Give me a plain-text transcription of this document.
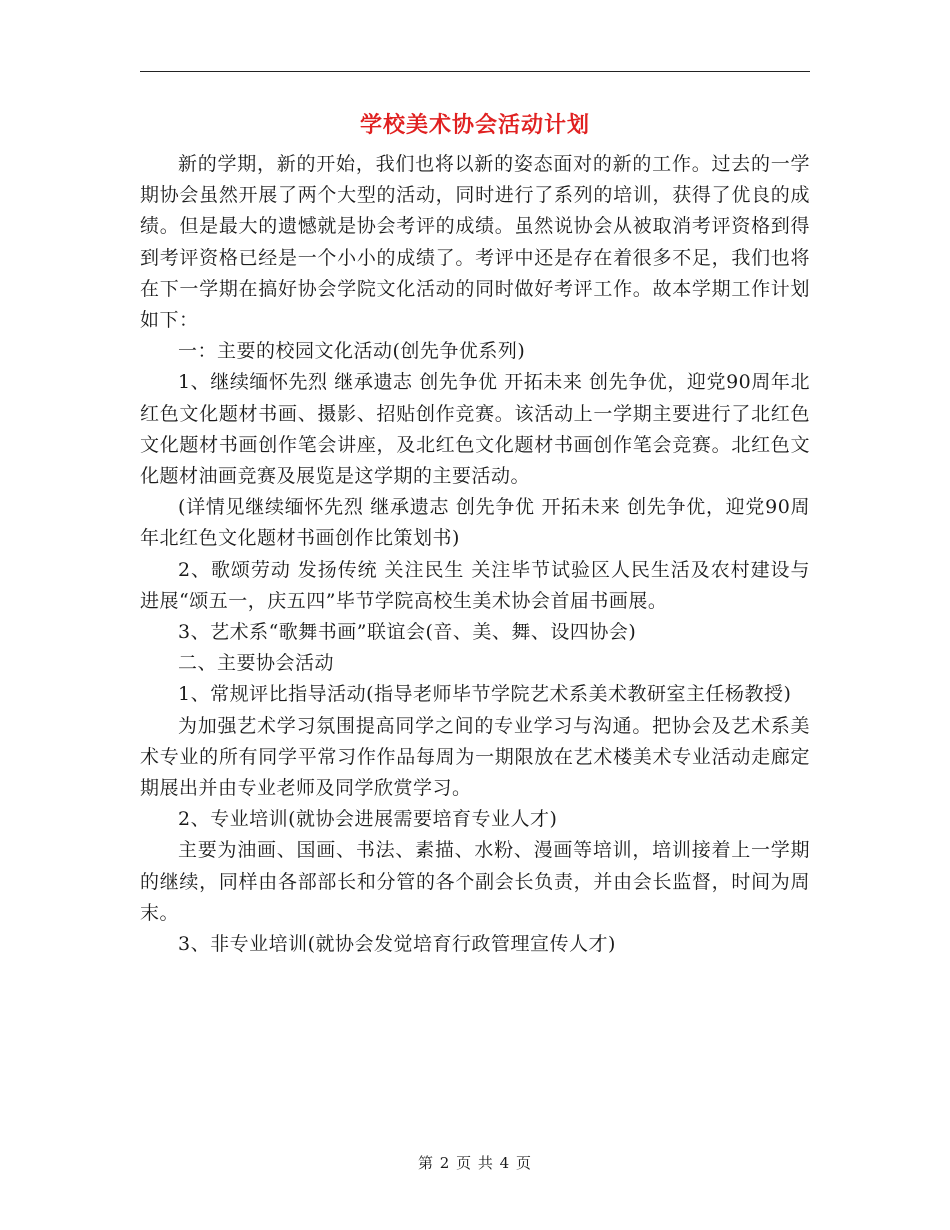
学校美术协会活动计划

新的学期，新的开始，我们也将以新的姿态面对的新的工作。过去的一学期协会虽然开展了两个大型的活动，同时进行了系列的培训，获得了优良的成绩。但是最大的遗憾就是协会考评的成绩。虽然说协会从被取消考评资格到得到考评资格已经是一个小小的成绩了。考评中还是存在着很多不足，我们也将在下一学期在搞好协会学院文化活动的同时做好考评工作。故本学期工作计划如下：

一：主要的校园文化活动(创先争优系列)

1、继续缅怀先烈 继承遗志 创先争优 开拓未来 创先争优，迎党90周年北红色文化题材书画、摄影、招贴创作竞赛。该活动上一学期主要进行了北红色文化题材书画创作笔会讲座，及北红色文化题材书画创作笔会竞赛。北红色文化题材油画竞赛及展览是这学期的主要活动。

(详情见继续缅怀先烈 继承遗志 创先争优 开拓未来 创先争优，迎党90周年北红色文化题材书画创作比策划书)

2、歌颂劳动 发扬传统 关注民生 关注毕节试验区人民生活及农村建设与进展“颂五一，庆五四”毕节学院高校生美术协会首届书画展。

3、艺术系“歌舞书画”联谊会(音、美、舞、设四协会)

二、主要协会活动

1、常规评比指导活动(指导老师毕节学院艺术系美术教研室主任杨教授)

为加强艺术学习氛围提高同学之间的专业学习与沟通。把协会及艺术系美术专业的所有同学平常习作作品每周为一期限放在艺术楼美术专业活动走廊定期展出并由专业老师及同学欣赏学习。

2、专业培训(就协会进展需要培育专业人才)

主要为油画、国画、书法、素描、水粉、漫画等培训，培训接着上一学期的继续，同样由各部部长和分管的各个副会长负责，并由会长监督，时间为周末。

3、非专业培训(就协会发觉培育行政管理宣传人才)

第 2 页 共 4 页
